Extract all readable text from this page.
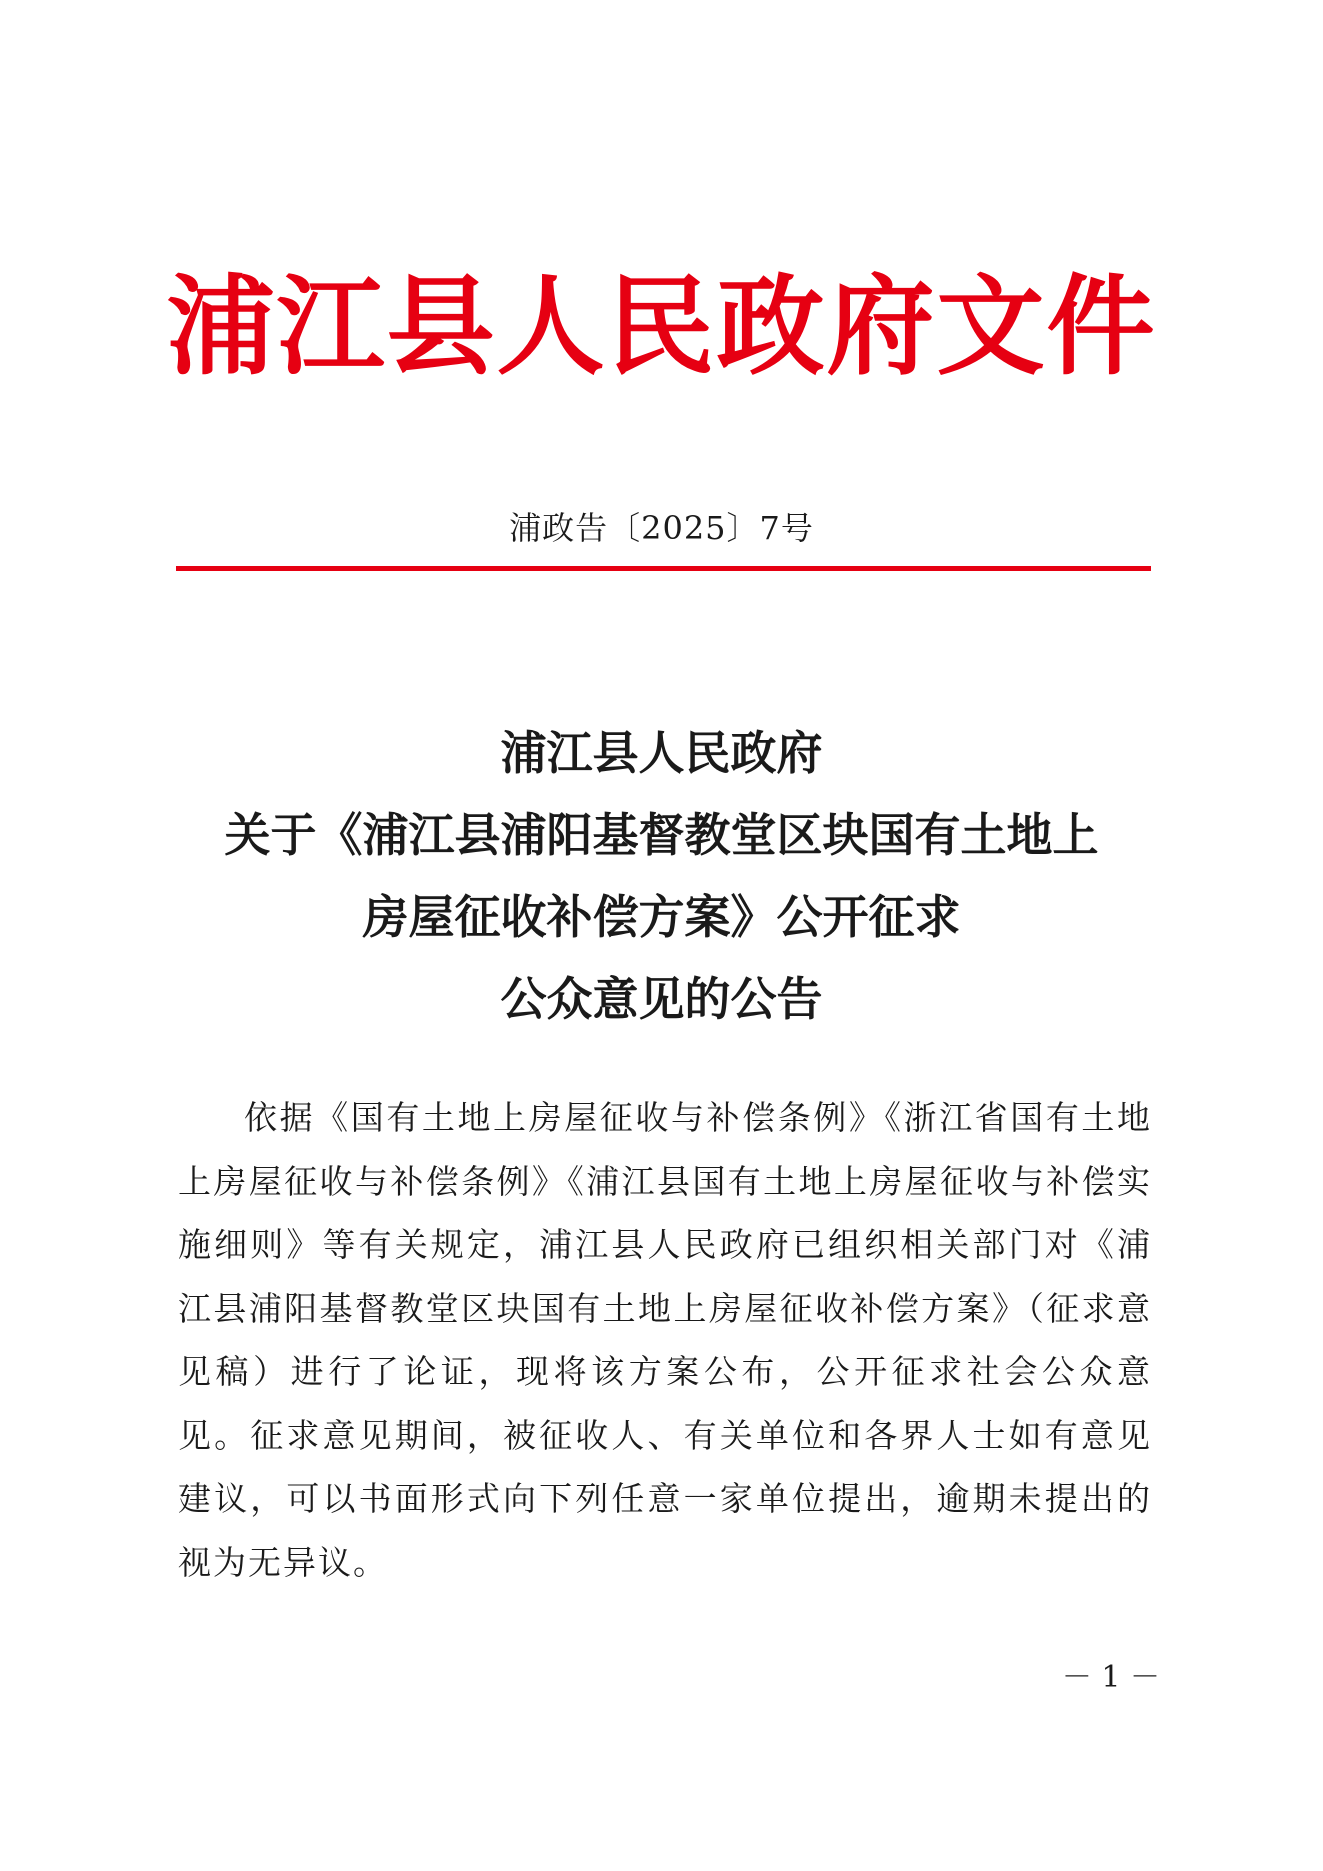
浦江县人民政府文件
浦政告〔2025〕7号
浦江县人民政府
关于《浦江县浦阳基督教堂区块国有土地上
房屋征收补偿方案》公开征求
公众意见的公告

依据《国有土地上房屋征收与补偿条例》《浙江省国有土地上房屋征收与补偿条例》《浦江县国有土地上房屋征收与补偿实施细则》等有关规定，浦江县人民政府已组织相关部门对《浦江县浦阳基督教堂区块国有土地上房屋征收补偿方案》（征求意见稿）进行了论证，现将该方案公布，公开征求社会公众意见。征求意见期间，被征收人、有关单位和各界人士如有意见建议，可以书面形式向下列任意一家单位提出，逾期未提出的视为无异议。

－ 1 －
